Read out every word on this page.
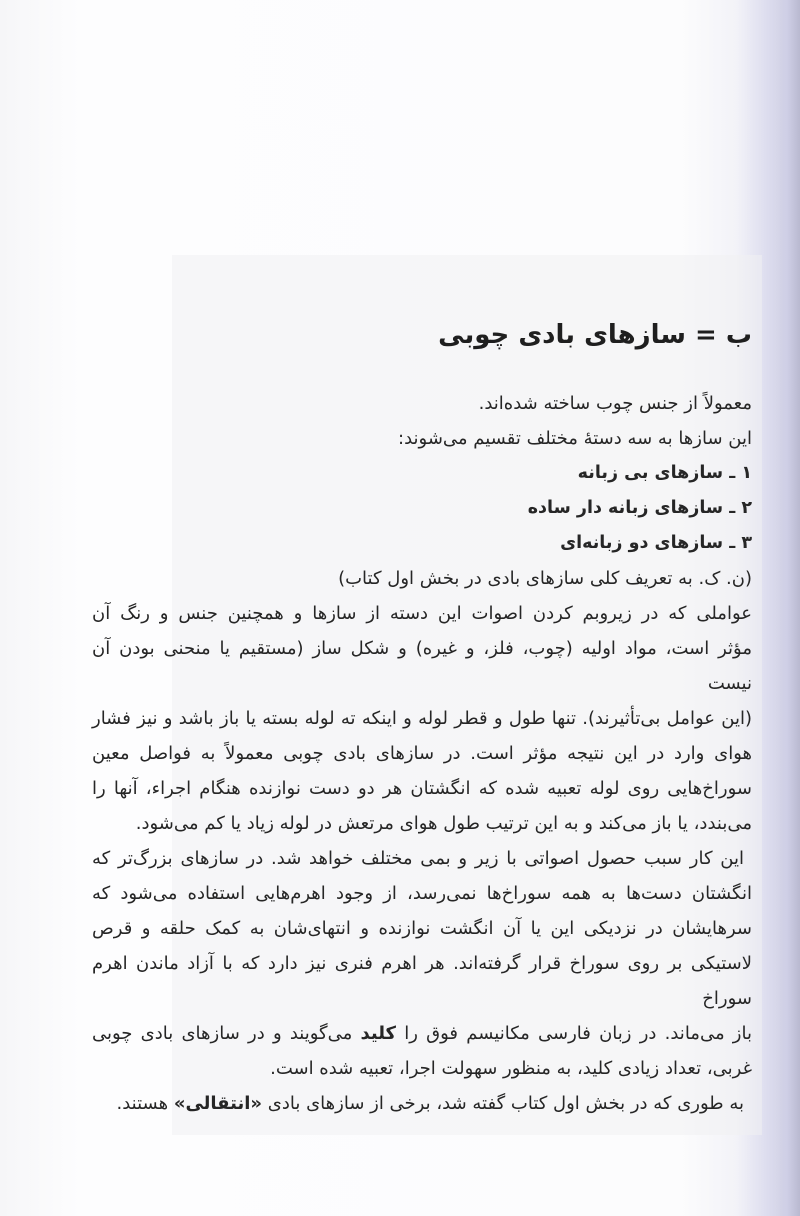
ب = سازهای بادی چوبی

معمولاً از جنس چوب ساخته شده‌اند.

این سازها به سه دستهٔ مختلف تقسیم می‌شوند:

۱ ـ سازهای بی زبانه

۲ ـ سازهای زبانه دار ساده

۳ ـ سازهای دو زبانه‌ای

(ن. ک. به تعریف کلی سازهای بادی در بخش اول کتاب)

عواملی که در زیروبم کردن اصوات این دسته از سازها و همچنین جنس و رنگ آن

مؤثر است، مواد اولیه (چوب، فلز، و غیره) و شکل ساز (مستقیم یا منحنی بودن آن نیست

(این عوامل بی‌تأثیرند). تنها طول و قطر لوله و اینکه ته لوله بسته یا باز باشد و نیز فشار

هوای وارد در این نتیجه مؤثر است. در سازهای بادی چوبی معمولاً به فواصل معین

سوراخ‌هایی روی لوله تعبیه شده که انگشتان هر دو دست نوازنده هنگام اجراء، آنها را

می‌بندد، یا باز می‌کند و به این ترتیب طول هوای مرتعش در لوله زیاد یا کم می‌شود.

این کار سبب حصول اصواتی با زیر و بمی مختلف خواهد شد. در سازهای بزرگ‌تر که

انگشتان دست‌ها به همه سوراخ‌ها نمی‌رسد، از وجود اهرم‌هایی استفاده می‌شود که

سرهایشان در نزدیکی این یا آن انگشت نوازنده و انتهای‌شان به کمک حلقه و قرص

لاستیکی بر روی سوراخ قرار گرفته‌اند. هر اهرم فنری نیز دارد که با آزاد ماندن اهرم سوراخ

باز می‌ماند. در زبان فارسی مکانیسم فوق را کلید می‌گویند و در سازهای بادی چوبی

غربی، تعداد زیادی کلید، به منظور سهولت اجرا، تعبیه شده است.

به طوری که در بخش اول کتاب گفته شد، برخی از سازهای بادی «انتقالی» هستند.
